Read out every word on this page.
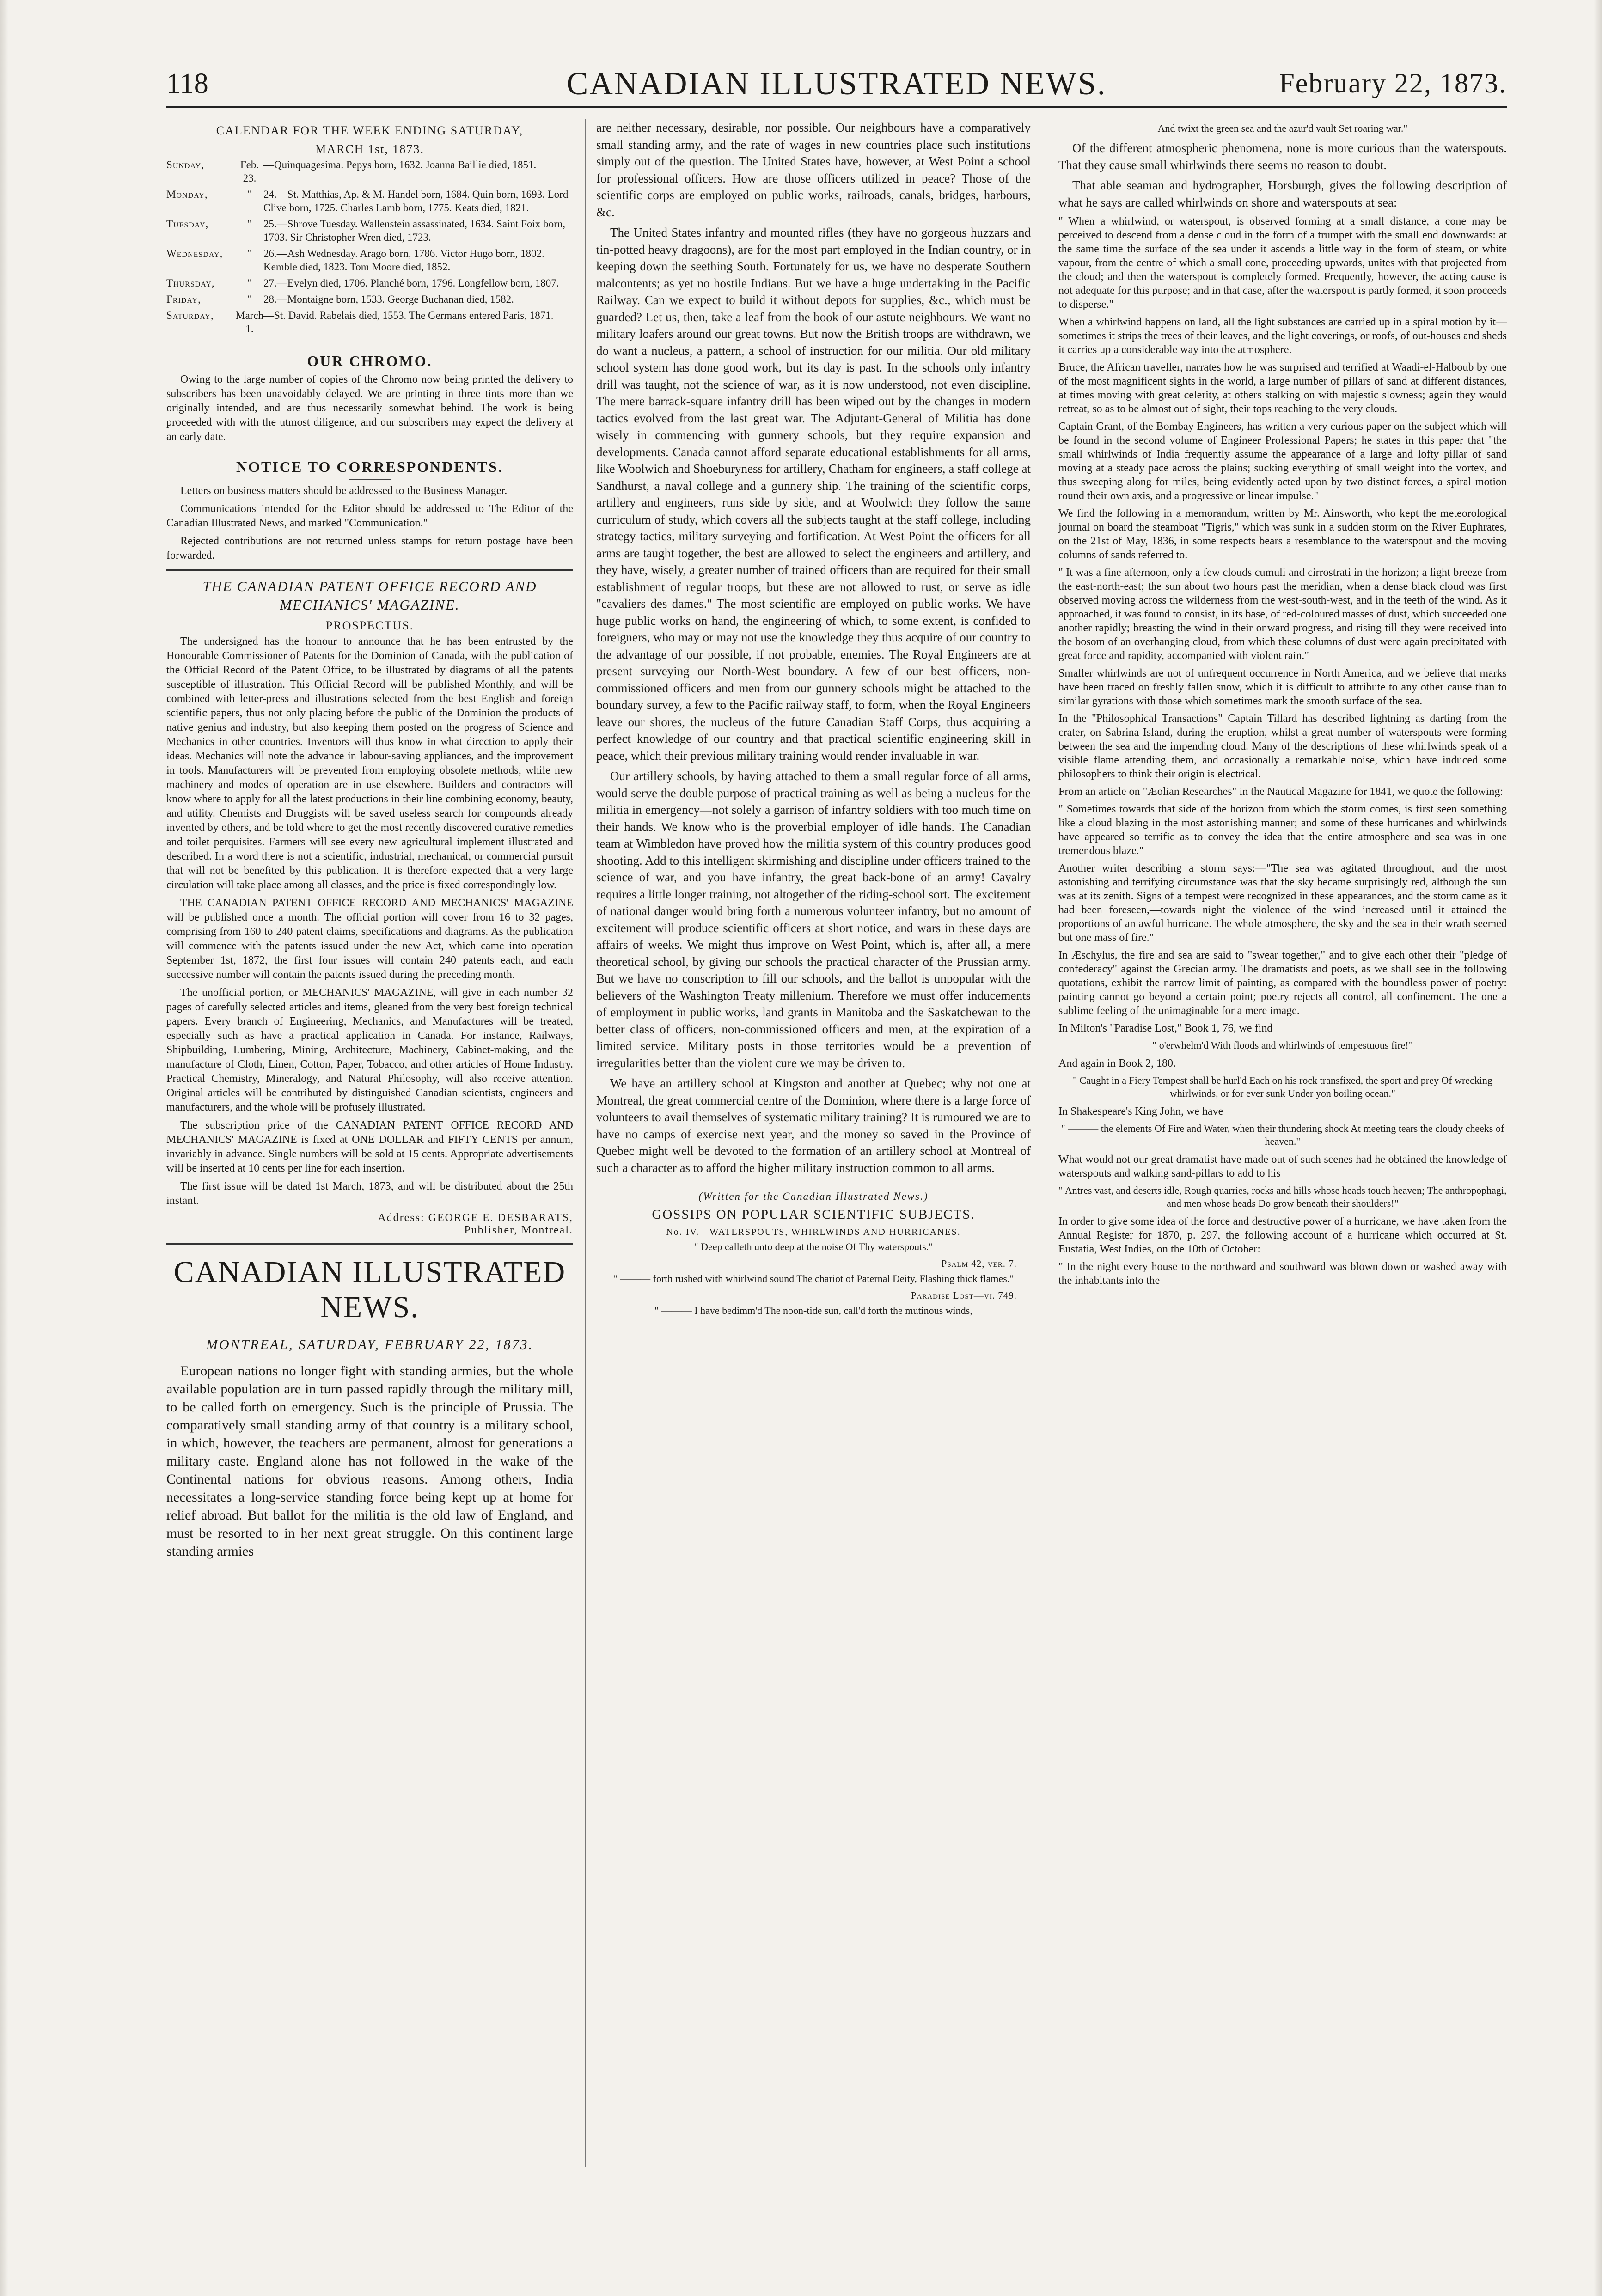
118	CANADIAN ILLUSTRATED NEWS.	February 22, 1873.
CALENDAR FOR THE WEEK ENDING SATURDAY,
MARCH 1st, 1873.
Sunday,	Feb. 23.	—Quinquagesima. Pepys born, 1632. Joanna Baillie died, 1851.
Monday,	"	24.—St. Matthias, Ap. & M. Handel born, 1684. Quin born, 1693. Lord Clive born, 1725. Charles Lamb born, 1775. Keats died, 1821.
Tuesday,	"	25.—Shrove Tuesday. Wallenstein assassinated, 1634. Saint Foix born, 1703. Sir Christopher Wren died, 1723.
Wednesday,	"	26.—Ash Wednesday. Arago born, 1786. Victor Hugo born, 1802. Kemble died, 1823. Tom Moore died, 1852.
Thursday,	"	27.—Evelyn died, 1706. Planché born, 1796. Longfellow born, 1807.
Friday,	"	28.—Montaigne born, 1533. George Buchanan died, 1582.
Saturday,	March 1.	—St. David. Rabelais died, 1553. The Germans entered Paris, 1871.
OUR CHROMO.

Owing to the large number of copies of the Chromo now being printed the delivery to subscribers has been unavoidably delayed. We are printing in three tints more than we originally intended, and are thus necessarily somewhat behind. The work is being proceeded with with the utmost diligence, and our subscribers may expect the delivery at an early date.

NOTICE TO CORRESPONDENTS.

Letters on business matters should be addressed to the Business Manager.

Communications intended for the Editor should be addressed to The Editor of the Canadian Illustrated News, and marked "Communication."

Rejected contributions are not returned unless stamps for return postage have been forwarded.

THE CANADIAN PATENT OFFICE RECORD AND MECHANICS' MAGAZINE.
PROSPECTUS.

The undersigned has the honour to announce that he has been entrusted by the Honourable Commissioner of Patents for the Dominion of Canada, with the publication of the Official Record of the Patent Office, to be illustrated by diagrams of all the patents susceptible of illustration. This Official Record will be published Monthly, and will be combined with letter-press and illustrations selected from the best English and foreign scientific papers, thus not only placing before the public of the Dominion the products of native genius and industry, but also keeping them posted on the progress of Science and Mechanics in other countries. Inventors will thus know in what direction to apply their ideas. Mechanics will note the advance in labour-saving appliances, and the improvement in tools. Manufacturers will be prevented from employing obsolete methods, while new machinery and modes of operation are in use elsewhere. Builders and contractors will know where to apply for all the latest productions in their line combining economy, beauty, and utility. Chemists and Druggists will be saved useless search for compounds already invented by others, and be told where to get the most recently discovered curative remedies and toilet perquisites. Farmers will see every new agricultural implement illustrated and described. In a word there is not a scientific, industrial, mechanical, or commercial pursuit that will not be benefited by this publication. It is therefore expected that a very large circulation will take place among all classes, and the price is fixed correspondingly low.

THE CANADIAN PATENT OFFICE RECORD AND MECHANICS' MAGAZINE will be published once a month. The official portion will cover from 16 to 32 pages, comprising from 160 to 240 patent claims, specifications and diagrams. As the publication will commence with the patents issued under the new Act, which came into operation September 1st, 1872, the first four issues will contain 240 patents each, and each successive number will contain the patents issued during the preceding month.

The unofficial portion, or MECHANICS' MAGAZINE, will give in each number 32 pages of carefully selected articles and items, gleaned from the very best foreign technical papers. Every branch of Engineering, Mechanics, and Manufactures will be treated, especially such as have a practical application in Canada. For instance, Railways, Shipbuilding, Lumbering, Mining, Architecture, Machinery, Cabinet-making, and the manufacture of Cloth, Linen, Cotton, Paper, Tobacco, and other articles of Home Industry. Practical Chemistry, Mineralogy, and Natural Philosophy, will also receive attention. Original articles will be contributed by distinguished Canadian scientists, engineers and manufacturers, and the whole will be profusely illustrated.

The subscription price of the CANADIAN PATENT OFFICE RECORD AND MECHANICS' MAGAZINE is fixed at ONE DOLLAR and FIFTY CENTS per annum, invariably in advance. Single numbers will be sold at 15 cents. Appropriate advertisements will be inserted at 10 cents per line for each insertion.

The first issue will be dated 1st March, 1873, and will be distributed about the 25th instant.

Address: GEORGE E. DESBARATS,
Publisher, Montreal.
CANADIAN ILLUSTRATED NEWS.
MONTREAL, SATURDAY, FEBRUARY 22, 1873.

European nations no longer fight with standing armies, but the whole available population are in turn passed rapidly through the military mill, to be called forth on emergency. Such is the principle of Prussia. The comparatively small standing army of that country is a military school, in which, however, the teachers are permanent, almost for generations a military caste. England alone has not followed in the wake of the Continental nations for obvious reasons. Among others, India necessitates a long-service standing force being kept up at home for relief abroad. But ballot for the militia is the old law of England, and must be resorted to in her next great struggle. On this continent large standing armies

are neither necessary, desirable, nor possible. Our neighbours have a comparatively small standing army, and the rate of wages in new countries place such institutions simply out of the question. The United States have, however, at West Point a school for professional officers. How are those officers utilized in peace? Those of the scientific corps are employed on public works, railroads, canals, bridges, harbours, &c.

The United States infantry and mounted rifles (they have no gorgeous huzzars and tin-potted heavy dragoons), are for the most part employed in the Indian country, or in keeping down the seething South. Fortunately for us, we have no desperate Southern malcontents; as yet no hostile Indians. But we have a huge undertaking in the Pacific Railway. Can we expect to build it without depots for supplies, &c., which must be guarded? Let us, then, take a leaf from the book of our astute neighbours. We want no military loafers around our great towns. But now the British troops are withdrawn, we do want a nucleus, a pattern, a school of instruction for our militia. Our old military school system has done good work, but its day is past. In the schools only infantry drill was taught, not the science of war, as it is now understood, not even discipline. The mere barrack-square infantry drill has been wiped out by the changes in modern tactics evolved from the last great war. The Adjutant-General of Militia has done wisely in commencing with gunnery schools, but they require expansion and developments. Canada cannot afford separate educational establishments for all arms, like Woolwich and Shoeburyness for artillery, Chatham for engineers, a staff college at Sandhurst, a naval college and a gunnery ship. The training of the scientific corps, artillery and engineers, runs side by side, and at Woolwich they follow the same curriculum of study, which covers all the subjects taught at the staff college, including strategy tactics, military surveying and fortification. At West Point the officers for all arms are taught together, the best are allowed to select the engineers and artillery, and they have, wisely, a greater number of trained officers than are required for their small establishment of regular troops, but these are not allowed to rust, or serve as idle "cavaliers des dames." The most scientific are employed on public works. We have huge public works on hand, the engineering of which, to some extent, is confided to foreigners, who may or may not use the knowledge they thus acquire of our country to the advantage of our possible, if not probable, enemies. The Royal Engineers are at present surveying our North-West boundary. A few of our best officers, non-commissioned officers and men from our gunnery schools might be attached to the boundary survey, a few to the Pacific railway staff, to form, when the Royal Engineers leave our shores, the nucleus of the future Canadian Staff Corps, thus acquiring a perfect knowledge of our country and that practical scientific engineering skill in peace, which their previous military training would render invaluable in war.

Our artillery schools, by having attached to them a small regular force of all arms, would serve the double purpose of practical training as well as being a nucleus for the militia in emergency—not solely a garrison of infantry soldiers with too much time on their hands. We know who is the proverbial employer of idle hands. The Canadian team at Wimbledon have proved how the militia system of this country produces good shooting. Add to this intelligent skirmishing and discipline under officers trained to the science of war, and you have infantry, the great back-bone of an army! Cavalry requires a little longer training, not altogether of the riding-school sort. The excitement of national danger would bring forth a numerous volunteer infantry, but no amount of excitement will produce scientific officers at short notice, and wars in these days are affairs of weeks. We might thus improve on West Point, which is, after all, a mere theoretical school, by giving our schools the practical character of the Prussian army. But we have no conscription to fill our schools, and the ballot is unpopular with the believers of the Washington Treaty millenium. Therefore we must offer inducements of employment in public works, land grants in Manitoba and the Saskatchewan to the better class of officers, non-commissioned officers and men, at the expiration of a limited service. Military posts in those territories would be a prevention of irregularities better than the violent cure we may be driven to.

We have an artillery school at Kingston and another at Quebec; why not one at Montreal, the great commercial centre of the Dominion, where there is a large force of volunteers to avail themselves of systematic military training? It is rumoured we are to have no camps of exercise next year, and the money so saved in the Province of Quebec might well be devoted to the formation of an artillery school at Montreal of such a character as to afford the higher military instruction common to all arms.

(Written for the Canadian Illustrated News.)
GOSSIPS ON POPULAR SCIENTIFIC SUBJECTS.
No. IV.—WATERSPOUTS, WHIRLWINDS AND HURRICANES.
" Deep calleth unto deep at the noise Of Thy waterspouts."
Psalm 42, ver. 7.
" ——— forth rushed with whirlwind sound The chariot of Paternal Deity, Flashing thick flames."
Paradise Lost—vi. 749.
" ——— I have bedimm'd The noon-tide sun, call'd forth the mutinous winds,
And twixt the green sea and the azur'd vault Set roaring war."

Of the different atmospheric phenomena, none is more curious than the waterspouts. That they cause small whirlwinds there seems no reason to doubt.

That able seaman and hydrographer, Horsburgh, gives the following description of what he says are called whirlwinds on shore and waterspouts at sea:

" When a whirlwind, or waterspout, is observed forming at a small distance, a cone may be perceived to descend from a dense cloud in the form of a trumpet with the small end downwards: at the same time the surface of the sea under it ascends a little way in the form of steam, or white vapour, from the centre of which a small cone, proceeding upwards, unites with that projected from the cloud; and then the waterspout is completely formed. Frequently, however, the acting cause is not adequate for this purpose; and in that case, after the waterspout is partly formed, it soon proceeds to disperse."

When a whirlwind happens on land, all the light substances are carried up in a spiral motion by it—sometimes it strips the trees of their leaves, and the light coverings, or roofs, of out-houses and sheds it carries up a considerable way into the atmosphere.

Bruce, the African traveller, narrates how he was surprised and terrified at Waadi-el-Halboub by one of the most magnificent sights in the world, a large number of pillars of sand at different distances, at times moving with great celerity, at others stalking on with majestic slowness; again they would retreat, so as to be almost out of sight, their tops reaching to the very clouds.

Captain Grant, of the Bombay Engineers, has written a very curious paper on the subject which will be found in the second volume of Engineer Professional Papers; he states in this paper that "the small whirlwinds of India frequently assume the appearance of a large and lofty pillar of sand moving at a steady pace across the plains; sucking everything of small weight into the vortex, and thus sweeping along for miles, being evidently acted upon by two distinct forces, a spiral motion round their own axis, and a progressive or linear impulse."

We find the following in a memorandum, written by Mr. Ainsworth, who kept the meteorological journal on board the steamboat "Tigris," which was sunk in a sudden storm on the River Euphrates, on the 21st of May, 1836, in some respects bears a resemblance to the waterspout and the moving columns of sands referred to.

" It was a fine afternoon, only a few clouds cumuli and cirrostrati in the horizon; a light breeze from the east-north-east; the sun about two hours past the meridian, when a dense black cloud was first observed moving across the wilderness from the west-south-west, and in the teeth of the wind. As it approached, it was found to consist, in its base, of red-coloured masses of dust, which succeeded one another rapidly; breasting the wind in their onward progress, and rising till they were received into the bosom of an overhanging cloud, from which these columns of dust were again precipitated with great force and rapidity, accompanied with violent rain."

Smaller whirlwinds are not of unfrequent occurrence in North America, and we believe that marks have been traced on freshly fallen snow, which it is difficult to attribute to any other cause than to similar gyrations with those which sometimes mark the smooth surface of the sea.

In the "Philosophical Transactions" Captain Tillard has described lightning as darting from the crater, on Sabrina Island, during the eruption, whilst a great number of waterspouts were forming between the sea and the impending cloud. Many of the descriptions of these whirlwinds speak of a visible flame attending them, and occasionally a remarkable noise, which have induced some philosophers to think their origin is electrical.

From an article on "Æolian Researches" in the Nautical Magazine for 1841, we quote the following:

" Sometimes towards that side of the horizon from which the storm comes, is first seen something like a cloud blazing in the most astonishing manner; and some of these hurricanes and whirlwinds have appeared so terrific as to convey the idea that the entire atmosphere and sea was in one tremendous blaze."

Another writer describing a storm says:—"The sea was agitated throughout, and the most astonishing and terrifying circumstance was that the sky became surprisingly red, although the sun was at its zenith. Signs of a tempest were recognized in these appearances, and the storm came as it had been foreseen,—towards night the violence of the wind increased until it attained the proportions of an awful hurricane. The whole atmosphere, the sky and the sea in their wrath seemed but one mass of fire."

In Æschylus, the fire and sea are said to "swear together," and to give each other their "pledge of confederacy" against the Grecian army. The dramatists and poets, as we shall see in the following quotations, exhibit the narrow limit of painting, as compared with the boundless power of poetry: painting cannot go beyond a certain point; poetry rejects all control, all confinement. The one a sublime feeling of the unimaginable for a mere image.

In Milton's "Paradise Lost," Book 1, 76, we find

" o'erwhelm'd With floods and whirlwinds of tempestuous fire!"

And again in Book 2, 180.

" Caught in a Fiery Tempest shall be hurl'd Each on his rock transfixed, the sport and prey Of wrecking whirlwinds, or for ever sunk Under yon boiling ocean."

In Shakespeare's King John, we have

" ——— the elements Of Fire and Water, when their thundering shock At meeting tears the cloudy cheeks of heaven."

What would not our great dramatist have made out of such scenes had he obtained the knowledge of waterspouts and walking sand-pillars to add to his

" Antres vast, and deserts idle, Rough quarries, rocks and hills whose heads touch heaven; The anthropophagi, and men whose heads Do grow beneath their shoulders!"

In order to give some idea of the force and destructive power of a hurricane, we have taken from the Annual Register for 1870, p. 297, the following account of a hurricane which occurred at St. Eustatia, West Indies, on the 10th of October:

" In the night every house to the northward and southward was blown down or washed away with the inhabitants into the
